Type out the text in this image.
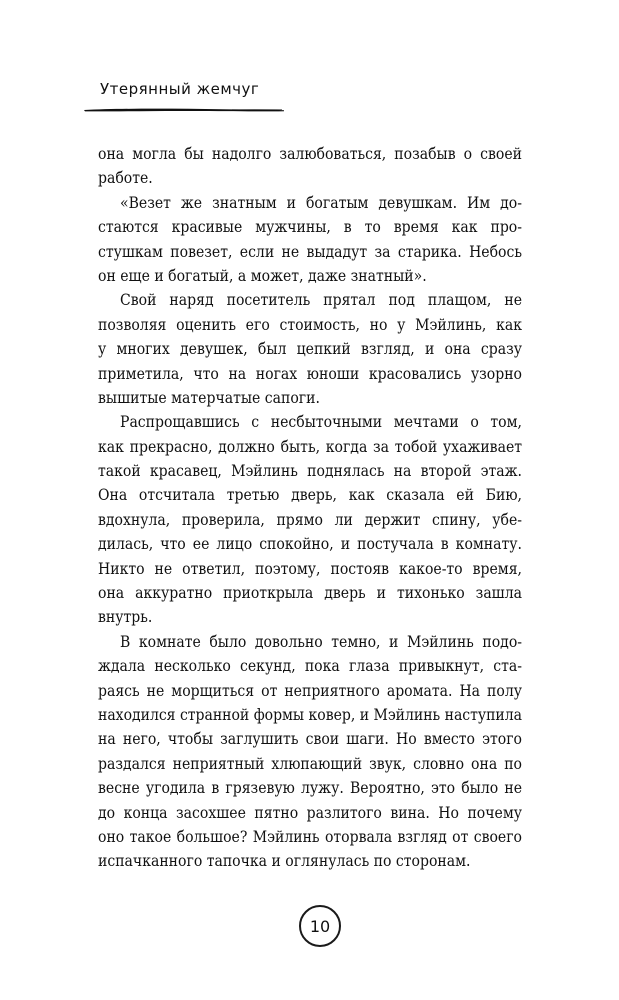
Утерянный жемчуг
она могла бы надолго залюбоваться, позабыв о своей
работе.
«Везет же знатным и богатым девушкам. Им до-
стаются красивые мужчины, в то время как про-
стушкам повезет, если не выдадут за старика. Небось
он еще и богатый, а может, даже знатный».
Свой наряд посетитель прятал под плащом, не
позволяя оценить его стоимость, но у Мэйлинь, как
у многих девушек, был цепкий взгляд, и она сразу
приметила, что на ногах юноши красовались узорно
вышитые матерчатые сапоги.
Распрощавшись с несбыточными мечтами о том,
как прекрасно, должно быть, когда за тобой ухаживает
такой красавец, Мэйлинь поднялась на второй этаж.
Она отсчитала третью дверь, как сказала ей Бию,
вдохнула, проверила, прямо ли держит спину, убе-
дилась, что ее лицо спокойно, и постучала в комнату.
Никто не ответил, поэтому, постояв какое-то время,
она аккуратно приоткрыла дверь и тихонько зашла
внутрь.
В комнате было довольно темно, и Мэйлинь подо-
ждала несколько секунд, пока глаза привыкнут, ста-
раясь не морщиться от неприятного аромата. На полу
находился странной формы ковер, и Мэйлинь наступила
на него, чтобы заглушить свои шаги. Но вместо этого
раздался неприятный хлюпающий звук, словно она по
весне угодила в грязевую лужу. Вероятно, это было не
до конца засохшее пятно разлитого вина. Но почему
оно такое большое? Мэйлинь оторвала взгляд от своего
испачканного тапочка и оглянулась по сторонам.
10
